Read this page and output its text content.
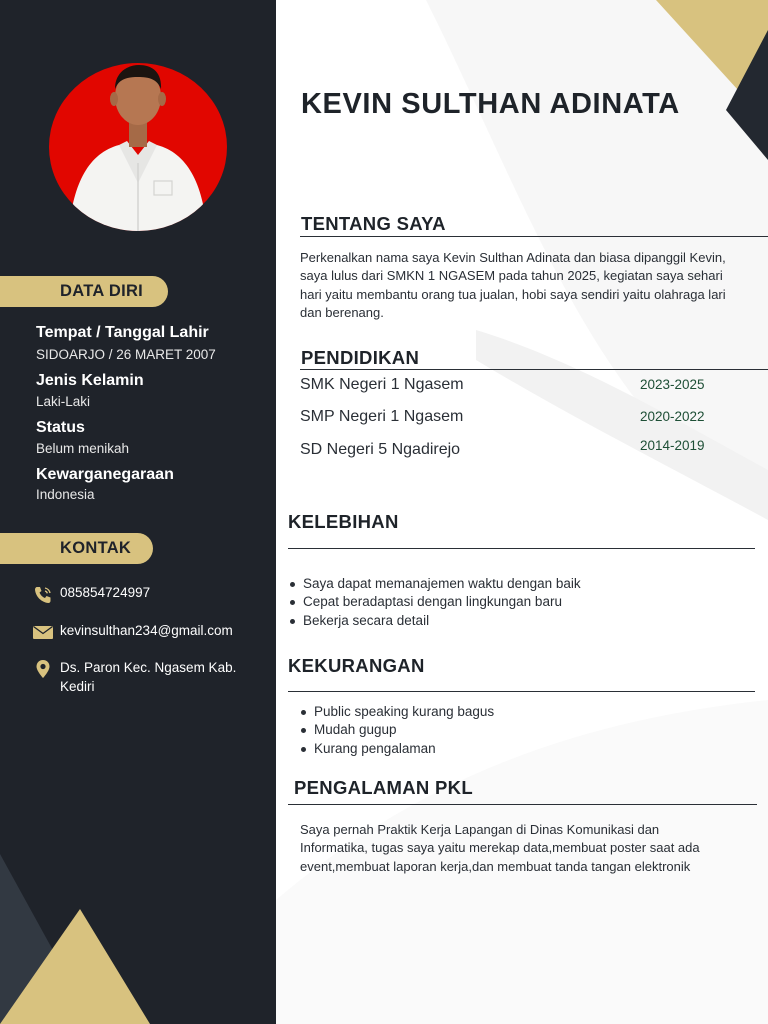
DATA DIRI
Tempat / Tanggal Lahir
SIDOARJO / 26 MARET 2007
Jenis Kelamin
Laki-Laki
Status
Belum menikah
Kewarganegaraan
Indonesia
KONTAK
085854724997
kevinsulthan234@gmail.com
Ds. Paron Kec. Ngasem Kab. Kediri
KEVIN SULTHAN ADINATA
TENTANG SAYA
Perkenalkan nama saya Kevin Sulthan Adinata dan biasa dipanggil Kevin, saya lulus dari SMKN 1 NGASEM pada tahun 2025, kegiatan saya sehari hari yaitu membantu orang tua jualan, hobi saya sendiri yaitu olahraga lari dan berenang.
PENDIDIKAN
SMK Negeri 1 Ngasem	2023-2025
SMP Negeri 1 Ngasem	2020-2022
SD Negeri 5 Ngadirejo	2014-2019
KELEBIHAN
Saya dapat memanajemen waktu dengan baik
Cepat beradaptasi dengan lingkungan baru
Bekerja secara detail
KEKURANGAN
Public speaking kurang bagus
Mudah gugup
Kurang pengalaman
PENGALAMAN PKL
Saya pernah Praktik Kerja Lapangan di Dinas Komunikasi dan Informatika, tugas saya yaitu merekap data,membuat poster saat ada event,membuat laporan kerja,dan membuat tanda tangan elektronik
